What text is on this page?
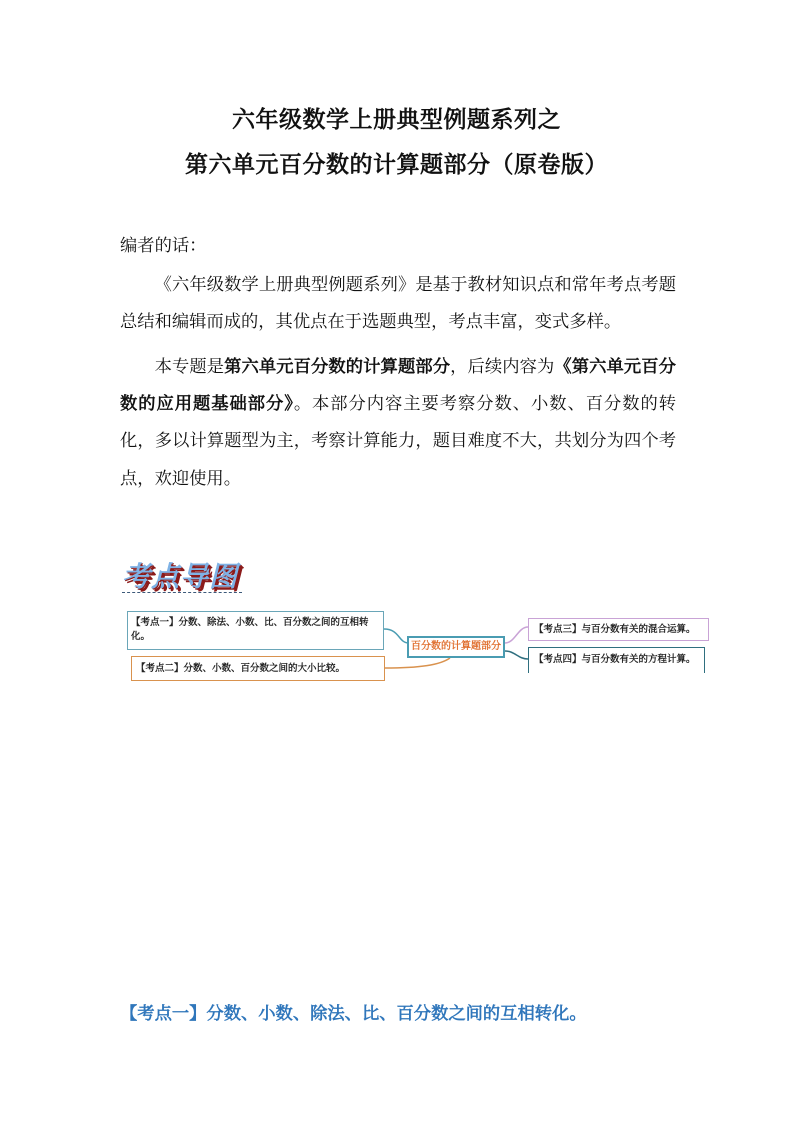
六年级数学上册典型例题系列之
第六单元百分数的计算题部分（原卷版）
编者的话：
《六年级数学上册典型例题系列》是基于教材知识点和常年考点考题总结和编辑而成的，其优点在于选题典型，考点丰富，变式多样。
本专题是第六单元百分数的计算题部分，后续内容为《第六单元百分数的应用题基础部分》。本部分内容主要考察分数、小数、百分数的转化，多以计算题型为主，考察计算能力，题目难度不大，共划分为四个考点，欢迎使用。
考点导图
【考点一】分数、除法、小数、比、百分数之间的互相转化。
【考点二】分数、小数、百分数之间的大小比较。
百分数的计算题部分
【考点三】与百分数有关的混合运算。
【考点四】与百分数有关的方程计算。
【考点一】分数、小数、除法、比、百分数之间的互相转化。
